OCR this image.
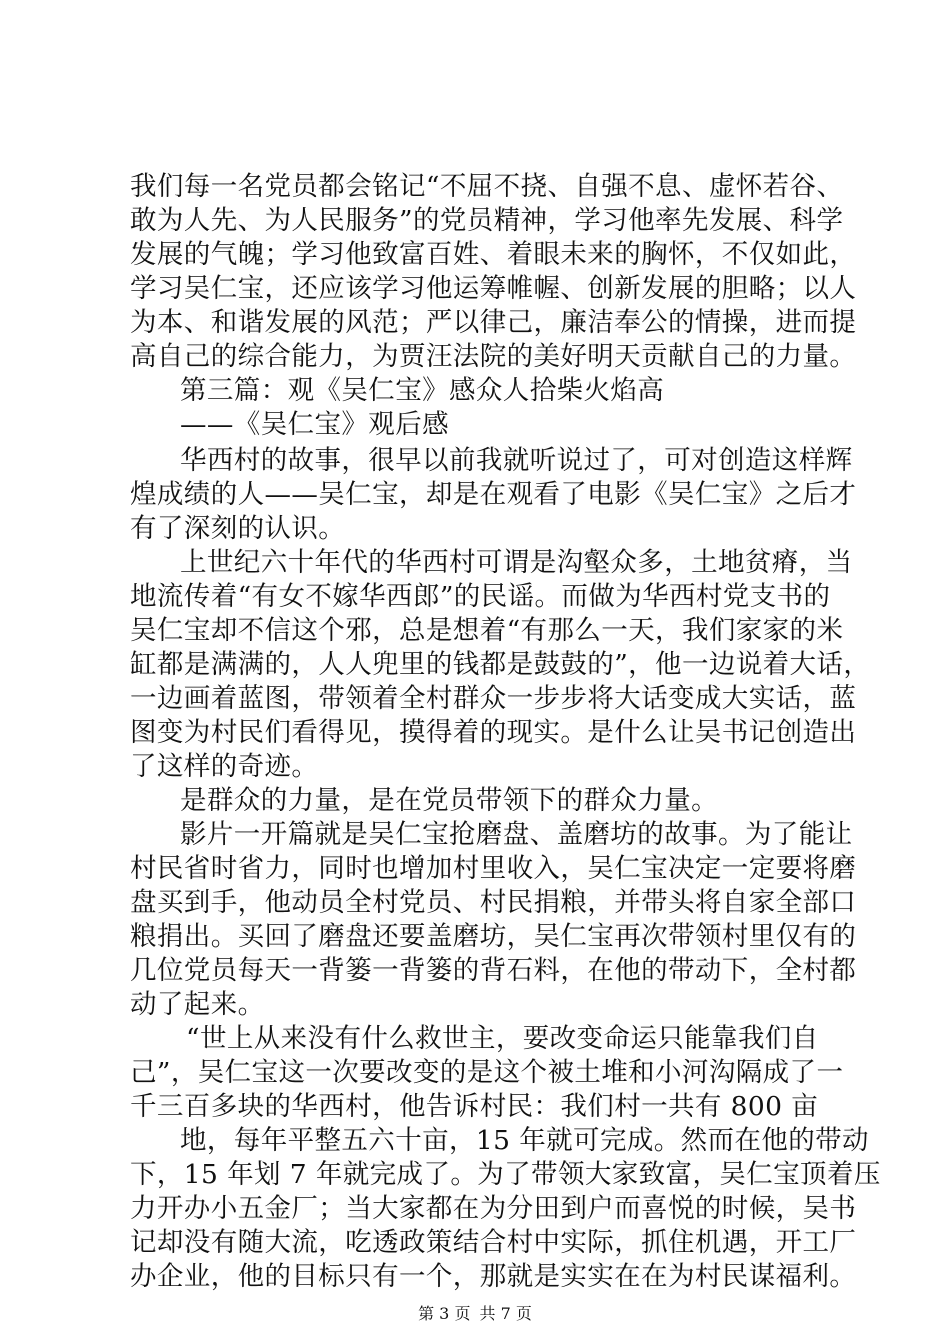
我们每一名党员都会铭记“不屈不挠、自强不息、虚怀若谷、
敢为人先、为人民服务”的党员精神，学习他率先发展、科学
发展的气魄；学习他致富百姓、着眼未来的胸怀，不仅如此，
学习吴仁宝，还应该学习他运筹帷幄、创新发展的胆略；以人
为本、和谐发展的风范；严以律己，廉洁奉公的情操，进而提
高自己的综合能力，为贾汪法院的美好明天贡献自己的力量。
第三篇：观《吴仁宝》感众人拾柴火焰高
——《吴仁宝》观后感
华西村的故事，很早以前我就听说过了，可对创造这样辉
煌成绩的人——吴仁宝，却是在观看了电影《吴仁宝》之后才
有了深刻的认识。
上世纪六十年代的华西村可谓是沟壑众多，土地贫瘠，当
地流传着“有女不嫁华西郎”的民谣。而做为华西村党支书的
吴仁宝却不信这个邪，总是想着“有那么一天，我们家家的米
缸都是满满的，人人兜里的钱都是鼓鼓的”，他一边说着大话，
一边画着蓝图，带领着全村群众一步步将大话变成大实话，蓝
图变为村民们看得见，摸得着的现实。是什么让吴书记创造出
了这样的奇迹。
是群众的力量，是在党员带领下的群众力量。
影片一开篇就是吴仁宝抢磨盘、盖磨坊的故事。为了能让
村民省时省力，同时也增加村里收入，吴仁宝决定一定要将磨
盘买到手，他动员全村党员、村民捐粮，并带头将自家全部口
粮捐出。买回了磨盘还要盖磨坊，吴仁宝再次带领村里仅有的
几位党员每天一背篓一背篓的背石料，在他的带动下，全村都
动了起来。
“世上从来没有什么救世主，要改变命运只能靠我们自
己”，吴仁宝这一次要改变的是这个被土堆和小河沟隔成了一
千三百多块的华西村，他告诉村民：我们村一共有 800 亩
地，每年平整五六十亩，15 年就可完成。然而在他的带动
下，15 年划 7 年就完成了。为了带领大家致富，吴仁宝顶着压
力开办小五金厂；当大家都在为分田到户而喜悦的时候，吴书
记却没有随大流，吃透政策结合村中实际，抓住机遇，开工厂
办企业，他的目标只有一个，那就是实实在在为村民谋福利。
第 3 页 共 7 页
